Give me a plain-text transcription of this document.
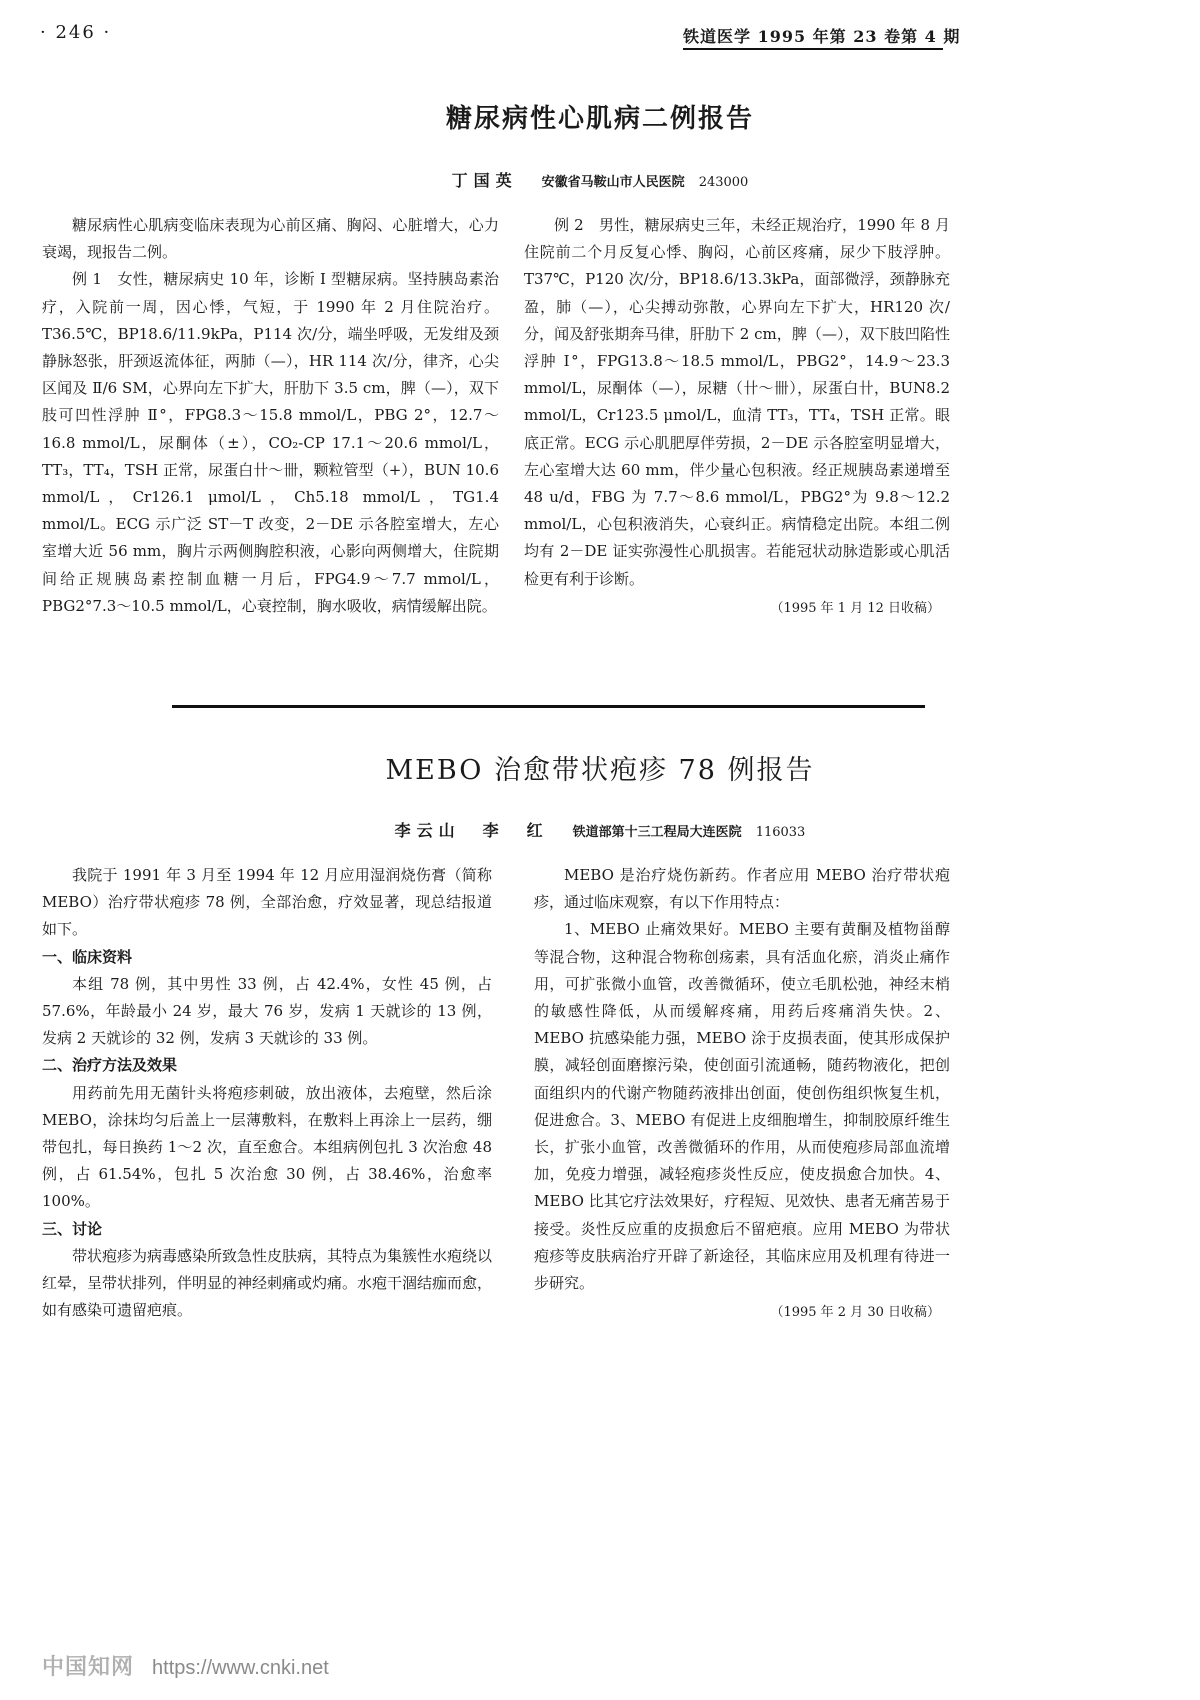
· 246 ·	铁道医学 1995 年第 23 卷第 4 期
糖尿病性心肌病二例报告
丁国英 安徽省马鞍山市人民医院 243000

糖尿病性心肌病变临床表现为心前区痛、胸闷、心脏增大，心力衰竭，现报告二例。

例 1　女性，糖尿病史 10 年，诊断 I 型糖尿病。坚持胰岛素治疗，入院前一周，因心悸，气短，于 1990 年 2 月住院治疗。T36.5℃，BP18.6/11.9kPa，P114 次/分，端坐呼吸，无发绀及颈静脉怒张，肝颈返流体征，两肺（—），HR 114 次/分，律齐，心尖区闻及 Ⅱ/6 SM，心界向左下扩大，肝肋下 3.5 cm，脾（—），双下肢可凹性浮肿 Ⅱ°，FPG8.3～15.8 mmol/L，PBG 2°，12.7～16.8 mmol/L，尿酮体（±），CO₂-CP 17.1～20.6 mmol/L，TT₃，TT₄，TSH 正常，尿蛋白卄～卌，颗粒管型（+），BUN 10.6 mmol/L，Cr126.1 μmol/L，Ch5.18 mmol/L，TG1.4 mmol/L。ECG 示广泛 ST－T 改变，2－DE 示各腔室增大，左心室增大近 56 mm，胸片示两侧胸腔积液，心影向两侧增大，住院期间给正规胰岛素控制血糖一月后，FPG4.9～7.7 mmol/L，PBG2°7.3～10.5 mmol/L，心衰控制，胸水吸收，病情缓解出院。

例 2　男性，糖尿病史三年，未经正规治疗，1990 年 8 月住院前二个月反复心悸、胸闷，心前区疼痛，尿少下肢浮肿。T37℃，P120 次/分，BP18.6/13.3kPa，面部微浮，颈静脉充盈，肺（—），心尖搏动弥散，心界向左下扩大，HR120 次/分，闻及舒张期奔马律，肝肋下 2 cm，脾（—），双下肢凹陷性浮肿 Ⅰ°，FPG13.8～18.5 mmol/L，PBG2°，14.9～23.3 mmol/L，尿酮体（—），尿糖（卄～卌），尿蛋白卄，BUN8.2 mmol/L，Cr123.5 μmol/L，血清 TT₃，TT₄，TSH 正常。眼底正常。ECG 示心肌肥厚伴劳损，2－DE 示各腔室明显增大，左心室增大达 60 mm，伴少量心包积液。经正规胰岛素递增至 48 u/d，FBG 为 7.7～8.6 mmol/L，PBG2°为 9.8～12.2 mmol/L，心包积液消失，心衰纠正。病情稳定出院。本组二例均有 2－DE 证实弥漫性心肌损害。若能冠状动脉造影或心肌活检更有利于诊断。

（1995 年 1 月 12 日收稿）
MEBO 治愈带状疱疹 78 例报告
李云山　李　红 铁道部第十三工程局大连医院 116033

我院于 1991 年 3 月至 1994 年 12 月应用湿润烧伤膏（简称 MEBO）治疗带状疱疹 78 例，全部治愈，疗效显著，现总结报道如下。

一、临床资料

本组 78 例，其中男性 33 例，占 42.4%，女性 45 例，占 57.6%，年龄最小 24 岁，最大 76 岁，发病 1 天就诊的 13 例，发病 2 天就诊的 32 例，发病 3 天就诊的 33 例。

二、治疗方法及效果

用药前先用无菌针头将疱疹刺破，放出液体，去疱壁，然后涂 MEBO，涂抹均匀后盖上一层薄敷料，在敷料上再涂上一层药，绷带包扎，每日换药 1～2 次，直至愈合。本组病例包扎 3 次治愈 48 例，占 61.54%，包扎 5 次治愈 30 例，占 38.46%，治愈率 100%。

三、讨论

带状疱疹为病毒感染所致急性皮肤病，其特点为集簇性水疱绕以红晕，呈带状排列，伴明显的神经刺痛或灼痛。水疱干涸结痂而愈，如有感染可遗留疤痕。

MEBO 是治疗烧伤新药。作者应用 MEBO 治疗带状疱疹，通过临床观察，有以下作用特点：

1、MEBO 止痛效果好。MEBO 主要有黄酮及植物甾醇等混合物，这种混合物称创疡素，具有活血化瘀，消炎止痛作用，可扩张微小血管，改善微循环，使立毛肌松弛，神经末梢的敏感性降低，从而缓解疼痛，用药后疼痛消失快。2、MEBO 抗感染能力强，MEBO 涂于皮损表面，使其形成保护膜，减轻创面磨擦污染，使创面引流通畅，随药物液化，把创面组织内的代谢产物随药液排出创面，使创伤组织恢复生机，促进愈合。3、MEBO 有促进上皮细胞增生，抑制胶原纤维生长，扩张小血管，改善微循环的作用，从而使疱疹局部血流增加，免疫力增强，减轻疱疹炎性反应，使皮损愈合加快。4、MEBO 比其它疗法效果好，疗程短、见效快、患者无痛苦易于接受。炎性反应重的皮损愈后不留疤痕。应用 MEBO 为带状疱疹等皮肤病治疗开辟了新途径，其临床应用及机理有待进一步研究。

（1995 年 2 月 30 日收稿）
中国知网 https://www.cnki.net
